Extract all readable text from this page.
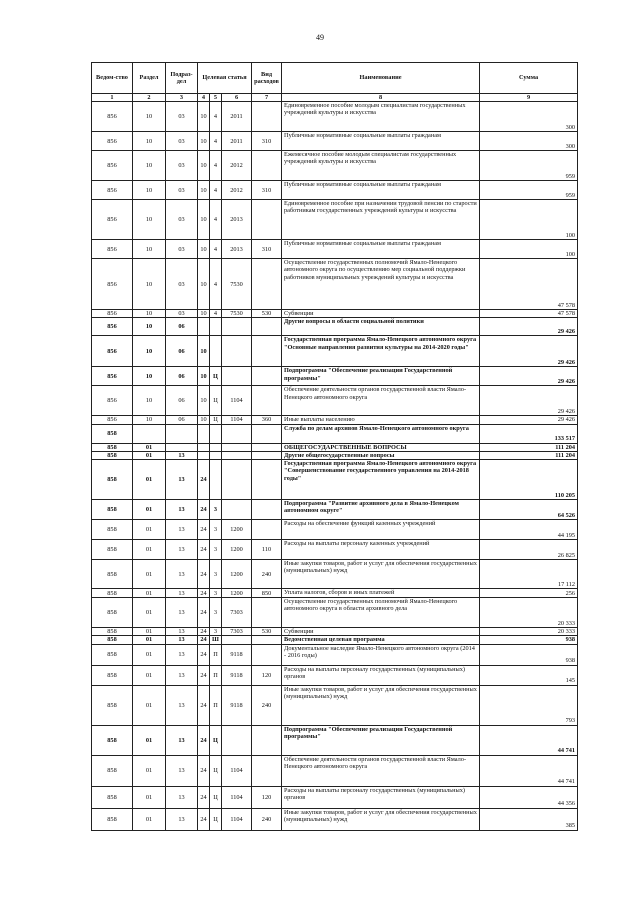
49
Ведом-ство	Раздел	Подраз-дел	Целевая статья			Вид расходов	Наименование	Сумма
1	2	3	4	5	6	7	8	9
856	10	03	10	4	2011		Единовременное пособие молодым специалистам государственных учреждений культуры и искусства	300
856	10	03	10	4	2011	310	Публичные нормативные социальные выплаты гражданам	300
856	10	03	10	4	2012		Ежемесячное пособие молодым специалистам государственных учреждений культуры и искусства	959
856	10	03	10	4	2012	310	Публичные нормативные социальные выплаты гражданам	959
856	10	03	10	4	2013		Единовременное пособие при назначении трудовой пенсии по старости работникам государственных учреждений культуры и искусства	100
856	10	03	10	4	2013	310	Публичные нормативные социальные выплаты гражданам	100
856	10	03	10	4	7530		Осуществление государственных полномочий Ямало-Ненецкого автономного округа по осуществлению мер социальной поддержки работников муниципальных учреждений культуры и искусства	47 578
856	10	03	10	4	7530	530	Субвенции	47 578
856	10	06					Другие вопросы в области социальной политики	29 426
856	10	06	10				Государственная программа Ямало-Ненецкого автономного округа "Основные направления развития культуры на 2014-2020 годы"	29 426
856	10	06	10	Ц			Подпрограмма "Обеспечение реализации Государственной программы"	29 426
856	10	06	10	Ц	1104		Обеспечение деятельности органов государственной власти Ямало-Ненецкого автономного округа	29 426
856	10	06	10	Ц	1104	360	Иные выплаты населению	29 426
858							Служба по делам архивов Ямало-Ненецкого автономного округа	133 517
858	01						ОБЩЕГОСУДАРСТВЕННЫЕ ВОПРОСЫ	111 204
858	01	13					Другие общегосударственные вопросы	111 204
858	01	13	24				Государственная программа Ямало-Ненецкого автономного округа "Совершенствование государственного управления на 2014-2018 годы"	110 205
858	01	13	24	3			Подпрограмма "Развитие архивного дела в Ямало-Ненецком автономном округе"	64 526
858	01	13	24	3	1200		Расходы на обеспечение функций казенных учреждений	44 195
858	01	13	24	3	1200	110	Расходы на выплаты персоналу казенных учреждений	26 825
858	01	13	24	3	1200	240	Иные закупки товаров, работ и услуг для обеспечения государственных (муниципальных) нужд	17 112
858	01	13	24	3	1200	850	Уплата налогов, сборов и иных платежей	256
858	01	13	24	3	7303		Осуществление государственных полномочий Ямало-Ненецкого автономного округа в области архивного дела	20 333
858	01	13	24	3	7303	530	Субвенции	20 333
858	01	13	24	Ш			Ведомственная целевая программа	938
858	01	13	24	П	9118		Документальное наследие Ямало-Ненецкого автономного округа (2014 - 2016 годы)	938
858	01	13	24	П	9118	120	Расходы на выплаты персоналу государственных (муниципальных) органов	145
858	01	13	24	П	9118	240	Иные закупки товаров, работ и услуг для обеспечения государственных (муниципальных) нужд	793
858	01	13	24	Ц			Подпрограмма "Обеспечение реализации Государственной программы"	44 741
858	01	13	24	Ц	1104		Обеспечение деятельности органов государственной власти Ямало-Ненецкого автономного округа	44 741
858	01	13	24	Ц	1104	120	Расходы на выплаты персоналу государственных (муниципальных) органов	44 356
858	01	13	24	Ц	1104	240	Иные закупки товаров, работ и услуг для обеспечения государственных (муниципальных) нужд	385
